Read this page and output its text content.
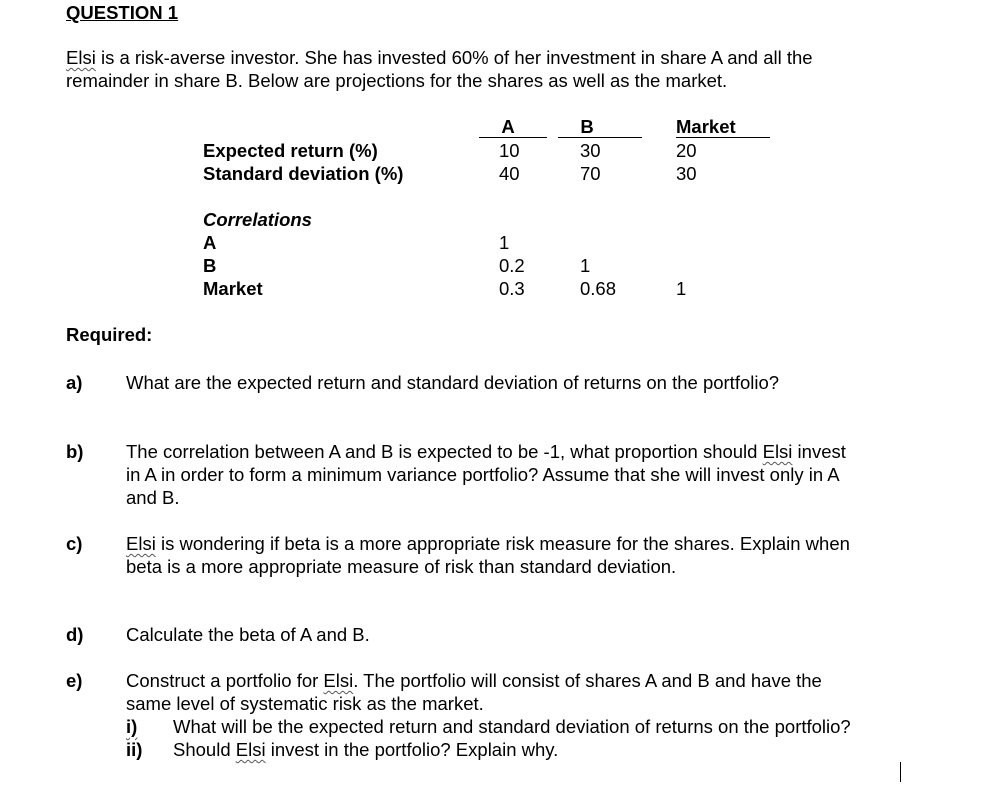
QUESTION 1
Elsi is a risk-averse investor. She has invested 60% of her investment in share A and all the
remainder in share B. Below are projections for the shares as well as the market.
A	B	Market
Expected return (%)	10	30	20
Standard deviation (%)	40	70	30
Correlations
A	1
B	0.2	1
Market	0.3	0.68	1
Required:
a) What are the expected return and standard deviation of returns on the portfolio?
b) The correlation between A and B is expected to be -1, what proportion should Elsi invest
in A in order to form a minimum variance portfolio? Assume that she will invest only in A
and B.
c) Elsi is wondering if beta is a more appropriate risk measure for the shares. Explain when
beta is a more appropriate measure of risk than standard deviation.
d) Calculate the beta of A and B.
e) Construct a portfolio for Elsi. The portfolio will consist of shares A and B and have the
same level of systematic risk as the market.
i) What will be the expected return and standard deviation of returns on the portfolio?
ii) Should Elsi invest in the portfolio? Explain why.
